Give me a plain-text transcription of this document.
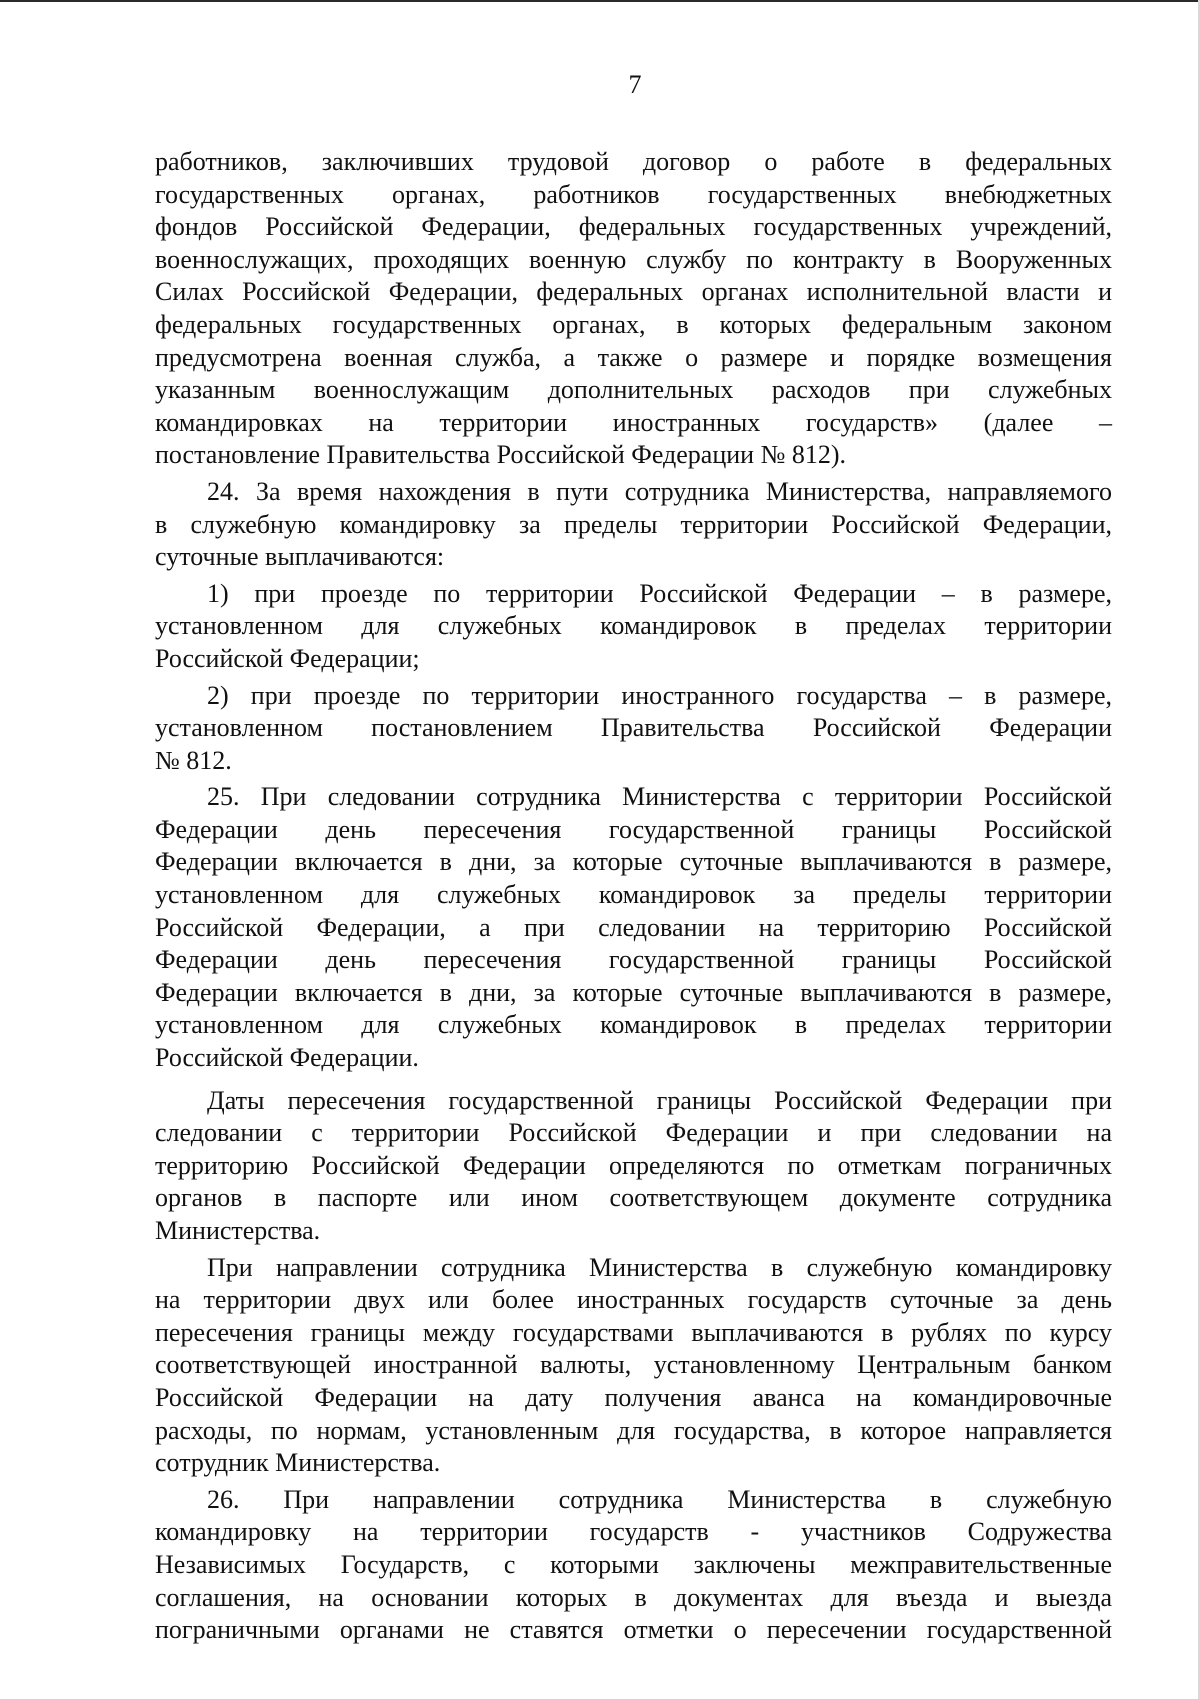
7
работников, заключивших трудовой договор о работе в федеральных
государственных органах, работников государственных внебюджетных
фондов Российской Федерации, федеральных государственных учреждений,
военнослужащих, проходящих военную службу по контракту в Вооруженных
Силах Российской Федерации, федеральных органах исполнительной власти и
федеральных государственных органах, в которых федеральным законом
предусмотрена военная служба, а также о размере и порядке возмещения
указанным военнослужащим дополнительных расходов при служебных
командировках на территории иностранных государств» (далее –
постановление Правительства Российской Федерации № 812).
24. За время нахождения в пути сотрудника Министерства, направляемого
в служебную командировку за пределы территории Российской Федерации,
суточные выплачиваются:
1) при проезде по территории Российской Федерации – в размере,
установленном для служебных командировок в пределах территории
Российской Федерации;
2) при проезде по территории иностранного государства – в размере,
установленном постановлением Правительства Российской Федерации
№ 812.
25. При следовании сотрудника Министерства с территории Российской
Федерации день пересечения государственной границы Российской
Федерации включается в дни, за которые суточные выплачиваются в размере,
установленном для служебных командировок за пределы территории
Российской Федерации, а при следовании на территорию Российской
Федерации день пересечения государственной границы Российской
Федерации включается в дни, за которые суточные выплачиваются в размере,
установленном для служебных командировок в пределах территории
Российской Федерации.
Даты пересечения государственной границы Российской Федерации при
следовании с территории Российской Федерации и при следовании на
территорию Российской Федерации определяются по отметкам пограничных
органов в паспорте или ином соответствующем документе сотрудника
Министерства.
При направлении сотрудника Министерства в служебную командировку
на территории двух или более иностранных государств суточные за день
пересечения границы между государствами выплачиваются в рублях по курсу
соответствующей иностранной валюты, установленному Центральным банком
Российской Федерации на дату получения аванса на командировочные
расходы, по нормам, установленным для государства, в которое направляется
сотрудник Министерства.
26. При направлении сотрудника Министерства в служебную
командировку на территории государств - участников Содружества
Независимых Государств, с которыми заключены межправительственные
соглашения, на основании которых в документах для въезда и выезда
пограничными органами не ставятся отметки о пересечении государственной
